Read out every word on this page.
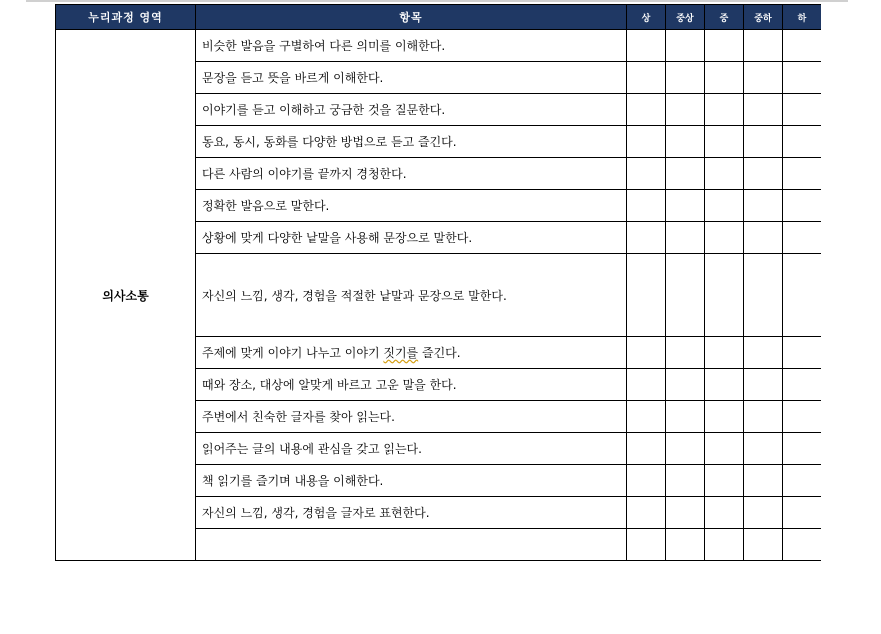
누리과정 영역	항목	상	중상	중	중하	하
의사소통	비슷한 발음을 구별하여 다른 의미를 이해한다.					
	문장을 듣고 뜻을 바르게 이해한다.					
	이야기를 듣고 이해하고 궁금한 것을 질문한다.					
	동요, 동시, 동화를 다양한 방법으로 듣고 즐긴다.					
	다른 사람의 이야기를 끝까지 경청한다.					
	정확한 발음으로 말한다.					
	상황에 맞게 다양한 낱말을 사용해 문장으로 말한다.					
	자신의 느낌, 생각, 경험을 적절한 낱말과 문장으로 말한다.					
	주제에 맞게 이야기 나누고 이야기 짓기를 즐긴다.					
	때와 장소, 대상에 알맞게 바르고 고운 말을 한다.					
	주변에서 친숙한 글자를 찾아 읽는다.					
	읽어주는 글의 내용에 관심을 갖고 읽는다.					
	책 읽기를 즐기며 내용을 이해한다.					
	자신의 느낌, 생각, 경험을 글자로 표현한다.					
